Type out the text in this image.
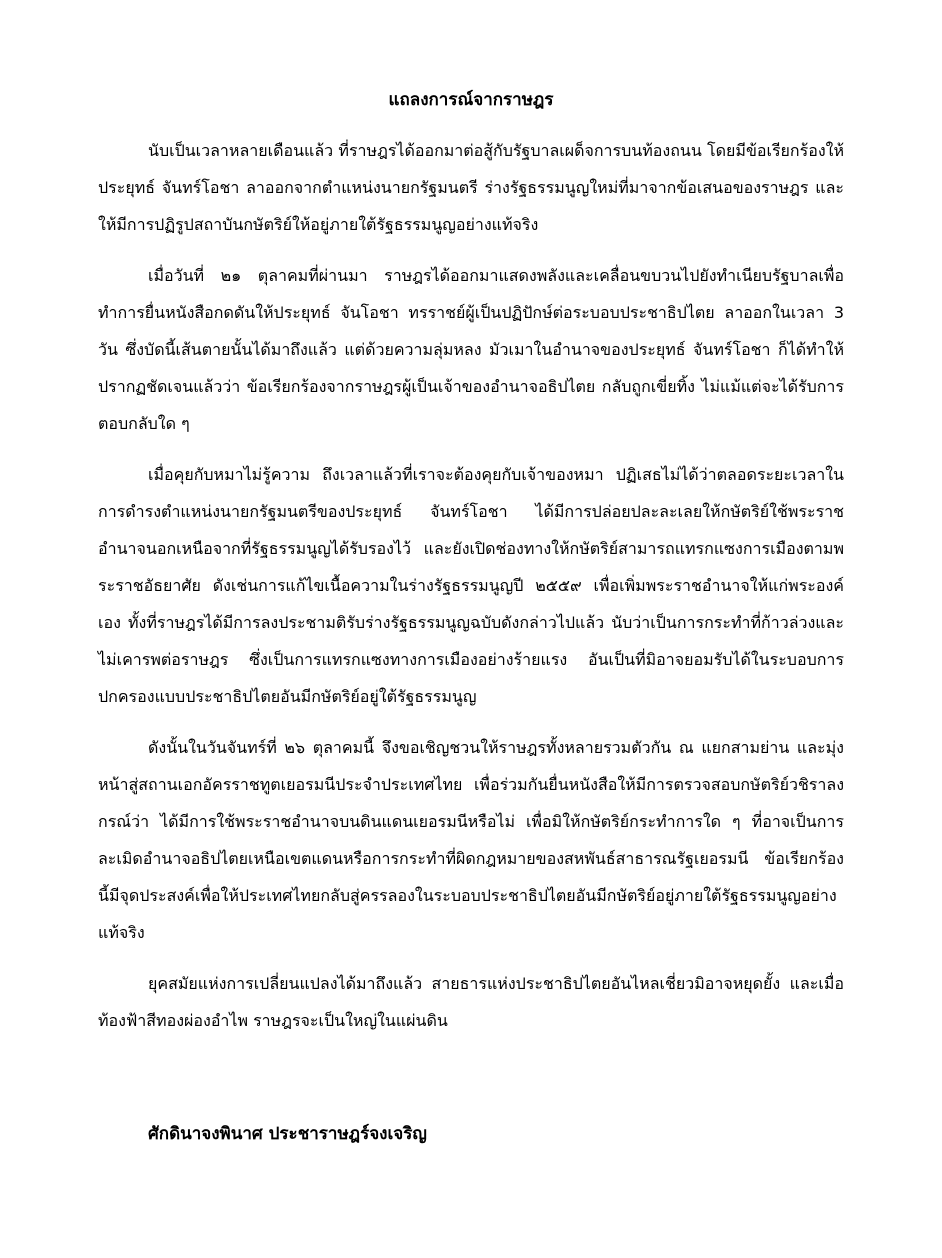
แถลงการณ์จากราษฎร

นับเป็นเวลาหลายเดือนแล้ว ที่ราษฎรได้ออกมาต่อสู้กับรัฐบาลเผด็จการบนท้องถนน โดยมีข้อเรียกร้องให้ประยุทธ์ จันทร์โอชา ลาออกจากตำแหน่งนายกรัฐมนตรี ร่างรัฐธรรมนูญใหม่ที่มาจากข้อเสนอของราษฎร และให้มีการปฏิรูปสถาบันกษัตริย์ให้อยู่ภายใต้รัฐธรรมนูญอย่างแท้จริง

เมื่อวันที่ ๒๑ ตุลาคมที่ผ่านมา ราษฎรได้ออกมาแสดงพลังและเคลื่อนขบวนไปยังทำเนียบรัฐบาลเพื่อทำการยื่นหนังสือกดดันให้ประยุทธ์ จันโอชา ทรราชย์ผู้เป็นปฏิปักษ์ต่อระบอบประชาธิปไตย ลาออกในเวลา 3 วัน ซึ่งบัดนี้เส้นตายนั้นได้มาถึงแล้ว แต่ด้วยความลุ่มหลง มัวเมาในอำนาจของประยุทธ์ จันทร์โอชา ก็ได้ทำให้ปรากฏชัดเจนแล้วว่า ข้อเรียกร้องจากราษฎรผู้เป็นเจ้าของอำนาจอธิปไตย กลับถูกเขี่ยทิ้ง ไม่แม้แต่จะได้รับการตอบกลับใด ๆ

เมื่อคุยกับหมาไม่รู้ความ ถึงเวลาแล้วที่เราจะต้องคุยกับเจ้าของหมา ปฏิเสธไม่ได้ว่าตลอดระยะเวลาในการดำรงตำแหน่งนายกรัฐมนตรีของประยุทธ์ จันทร์โอชา ได้มีการปล่อยปละละเลยให้กษัตริย์ใช้พระราชอำนาจนอกเหนือจากที่รัฐธรรมนูญได้รับรองไว้ และยังเปิดช่องทางให้กษัตริย์สามารถแทรกแซงการเมืองตามพระราชอัธยาศัย ดังเช่นการแก้ไขเนื้อความในร่างรัฐธรรมนูญปี ๒๕๕๙ เพื่อเพิ่มพระราชอำนาจให้แก่พระองค์เอง ทั้งที่ราษฎรได้มีการลงประชามติรับร่างรัฐธรรมนูญฉบับดังกล่าวไปแล้ว นับว่าเป็นการกระทำที่ก้าวล่วงและไม่เคารพต่อราษฎร ซึ่งเป็นการแทรกแซงทางการเมืองอย่างร้ายแรง อันเป็นที่มิอาจยอมรับได้ในระบอบการปกครองแบบประชาธิปไตยอันมีกษัตริย์อยู่ใต้รัฐธรรมนูญ

ดังนั้นในวันจันทร์ที่ ๒๖ ตุลาคมนี้ จึงขอเชิญชวนให้ราษฎรทั้งหลายรวมตัวกัน ณ แยกสามย่าน และมุ่งหน้าสู่สถานเอกอัครราชทูตเยอรมนีประจำประเทศไทย เพื่อร่วมกันยื่นหนังสือให้มีการตรวจสอบกษัตริย์วชิราลงกรณ์ว่า ได้มีการใช้พระราชอำนาจบนดินแดนเยอรมนีหรือไม่ เพื่อมิให้กษัตริย์กระทำการใด ๆ ที่อาจเป็นการละเมิดอำนาจอธิปไตยเหนือเขตแดนหรือการกระทำที่ผิดกฎหมายของสหพันธ์สาธารณรัฐเยอรมนี ข้อเรียกร้องนี้มีจุดประสงค์เพื่อให้ประเทศไทยกลับสู่ครรลองในระบอบประชาธิปไตยอันมีกษัตริย์อยู่ภายใต้รัฐธรรมนูญอย่างแท้จริง

ยุคสมัยแห่งการเปลี่ยนแปลงได้มาถึงแล้ว สายธารแห่งประชาธิปไตยอันไหลเชี่ยวมิอาจหยุดยั้ง และเมื่อท้องฟ้าสีทองผ่องอำไพ ราษฎรจะเป็นใหญ่ในแผ่นดิน

ศักดินาจงพินาศ ประชาราษฎร์จงเจริญ
